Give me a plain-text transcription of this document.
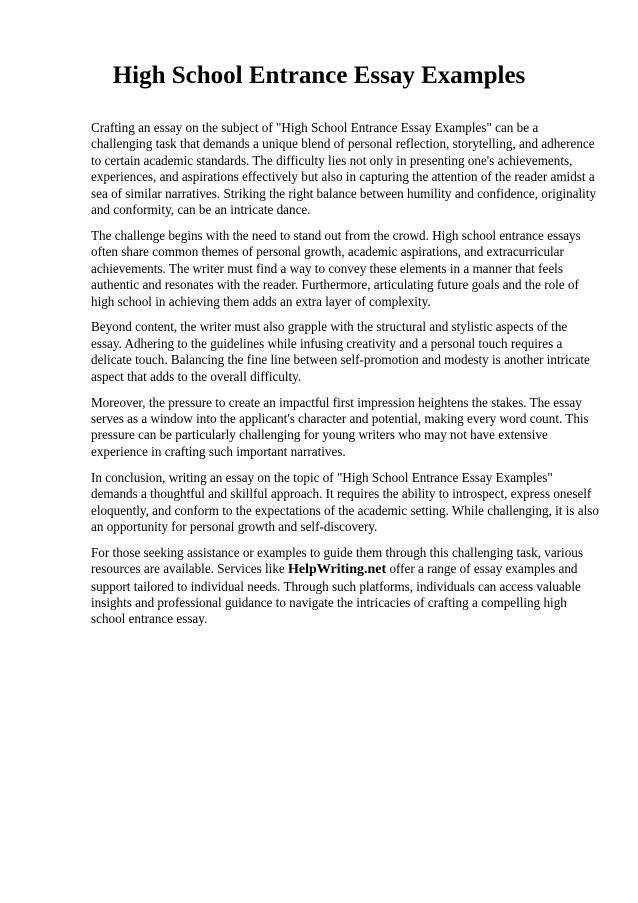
High School Entrance Essay Examples

Crafting an essay on the subject of "High School Entrance Essay Examples" can be a challenging task that demands a unique blend of personal reflection, storytelling, and adherence to certain academic standards. The difficulty lies not only in presenting one's achievements, experiences, and aspirations effectively but also in capturing the attention of the reader amidst a sea of similar narratives. Striking the right balance between humility and confidence, originality and conformity, can be an intricate dance.

The challenge begins with the need to stand out from the crowd. High school entrance essays often share common themes of personal growth, academic aspirations, and extracurricular achievements. The writer must find a way to convey these elements in a manner that feels authentic and resonates with the reader. Furthermore, articulating future goals and the role of high school in achieving them adds an extra layer of complexity.

Beyond content, the writer must also grapple with the structural and stylistic aspects of the essay. Adhering to the guidelines while infusing creativity and a personal touch requires a delicate touch. Balancing the fine line between self-promotion and modesty is another intricate aspect that adds to the overall difficulty.

Moreover, the pressure to create an impactful first impression heightens the stakes. The essay serves as a window into the applicant's character and potential, making every word count. This pressure can be particularly challenging for young writers who may not have extensive experience in crafting such important narratives.

In conclusion, writing an essay on the topic of "High School Entrance Essay Examples" demands a thoughtful and skillful approach. It requires the ability to introspect, express oneself eloquently, and conform to the expectations of the academic setting. While challenging, it is also an opportunity for personal growth and self-discovery.

For those seeking assistance or examples to guide them through this challenging task, various resources are available. Services like HelpWriting.net offer a range of essay examples and support tailored to individual needs. Through such platforms, individuals can access valuable insights and professional guidance to navigate the intricacies of crafting a compelling high school entrance essay.
